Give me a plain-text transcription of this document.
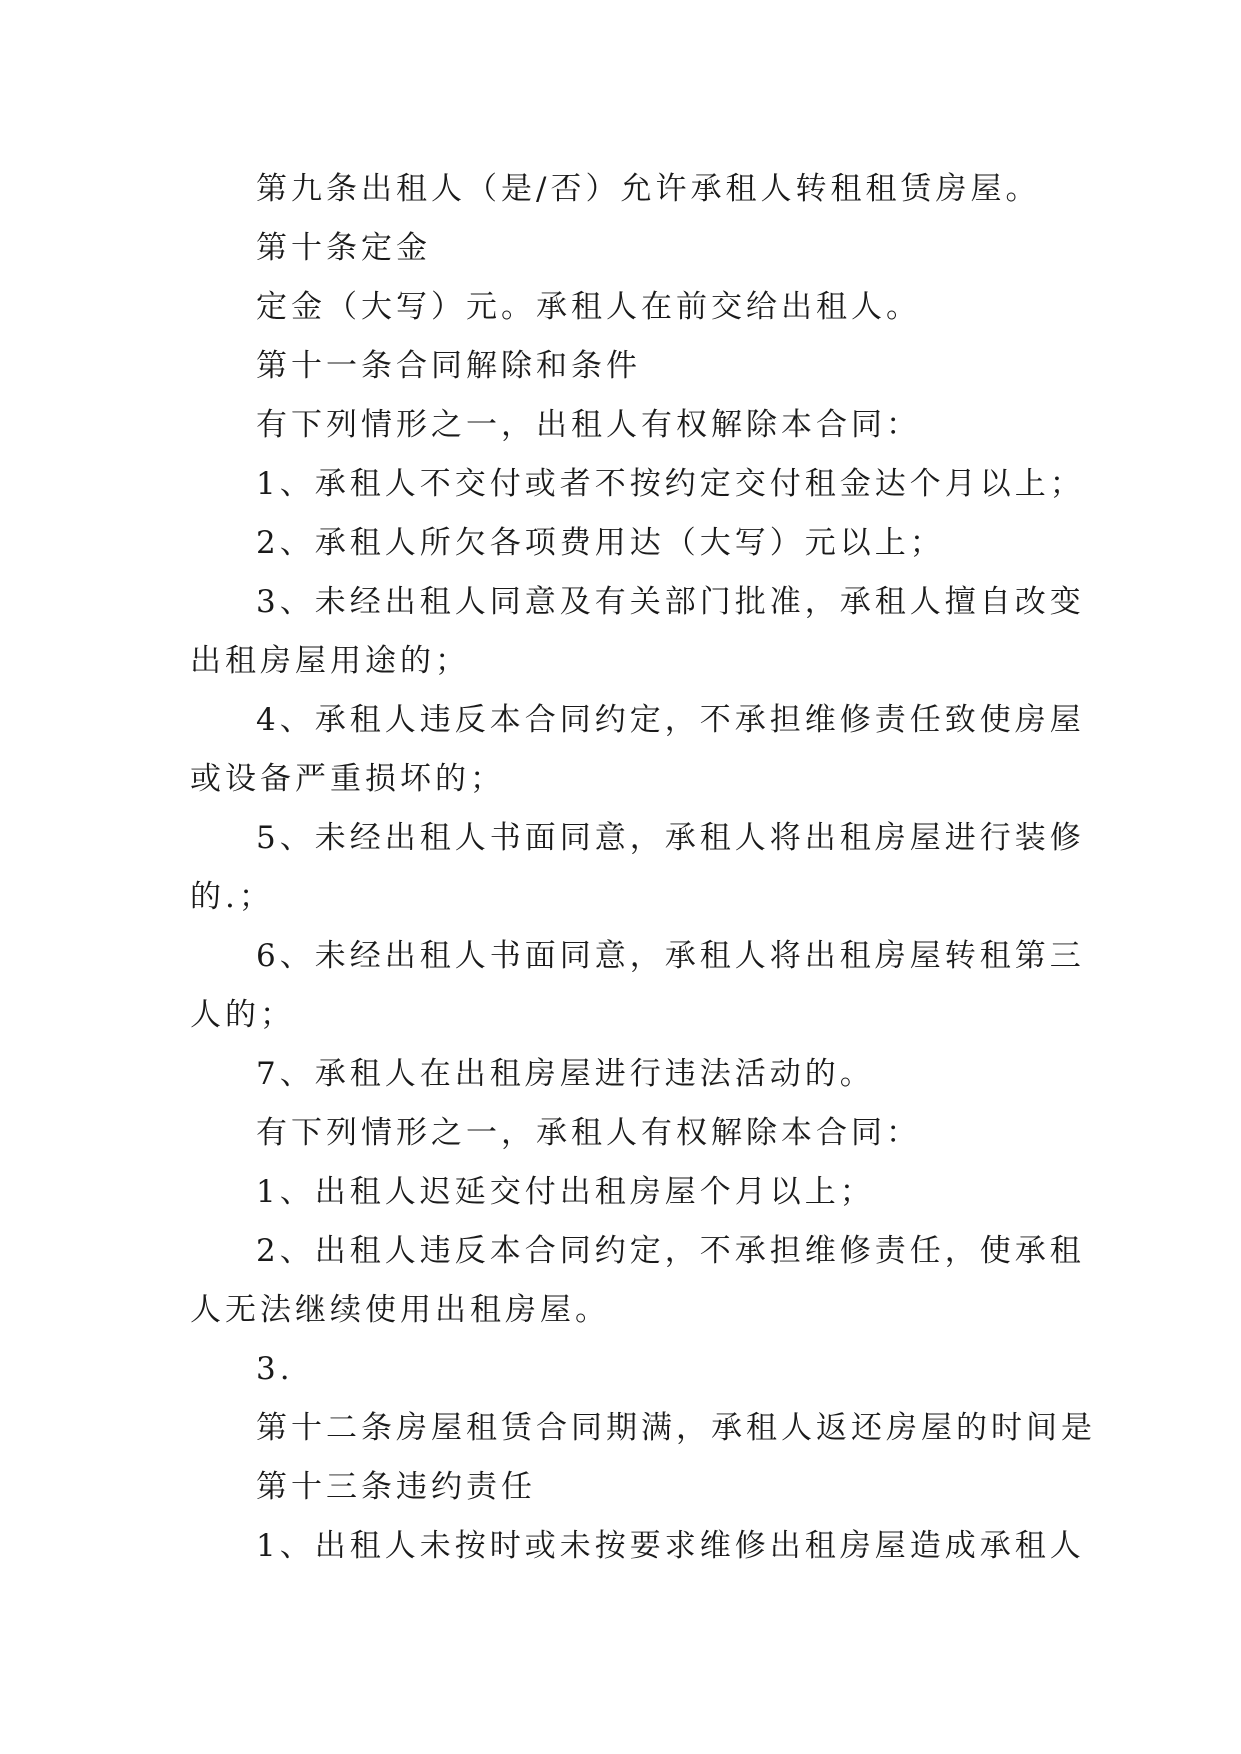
第九条出租人（是/否）允许承租人转租租赁房屋。

第十条定金

定金（大写）元。承租人在前交给出租人。

第十一条合同解除和条件

有下列情形之一，出租人有权解除本合同：

1、承租人不交付或者不按约定交付租金达个月以上；

2、承租人所欠各项费用达（大写）元以上；

3、未经出租人同意及有关部门批准，承租人擅自改变

出租房屋用途的；

4、承租人违反本合同约定，不承担维修责任致使房屋

或设备严重损坏的；

5、未经出租人书面同意，承租人将出租房屋进行装修

的.；

6、未经出租人书面同意，承租人将出租房屋转租第三

人的；

7、承租人在出租房屋进行违法活动的。

有下列情形之一，承租人有权解除本合同：

1、出租人迟延交付出租房屋个月以上；

2、出租人违反本合同约定，不承担维修责任，使承租

人无法继续使用出租房屋。

3.

第十二条房屋租赁合同期满，承租人返还房屋的时间是

第十三条违约责任

1、出租人未按时或未按要求维修出租房屋造成承租人
